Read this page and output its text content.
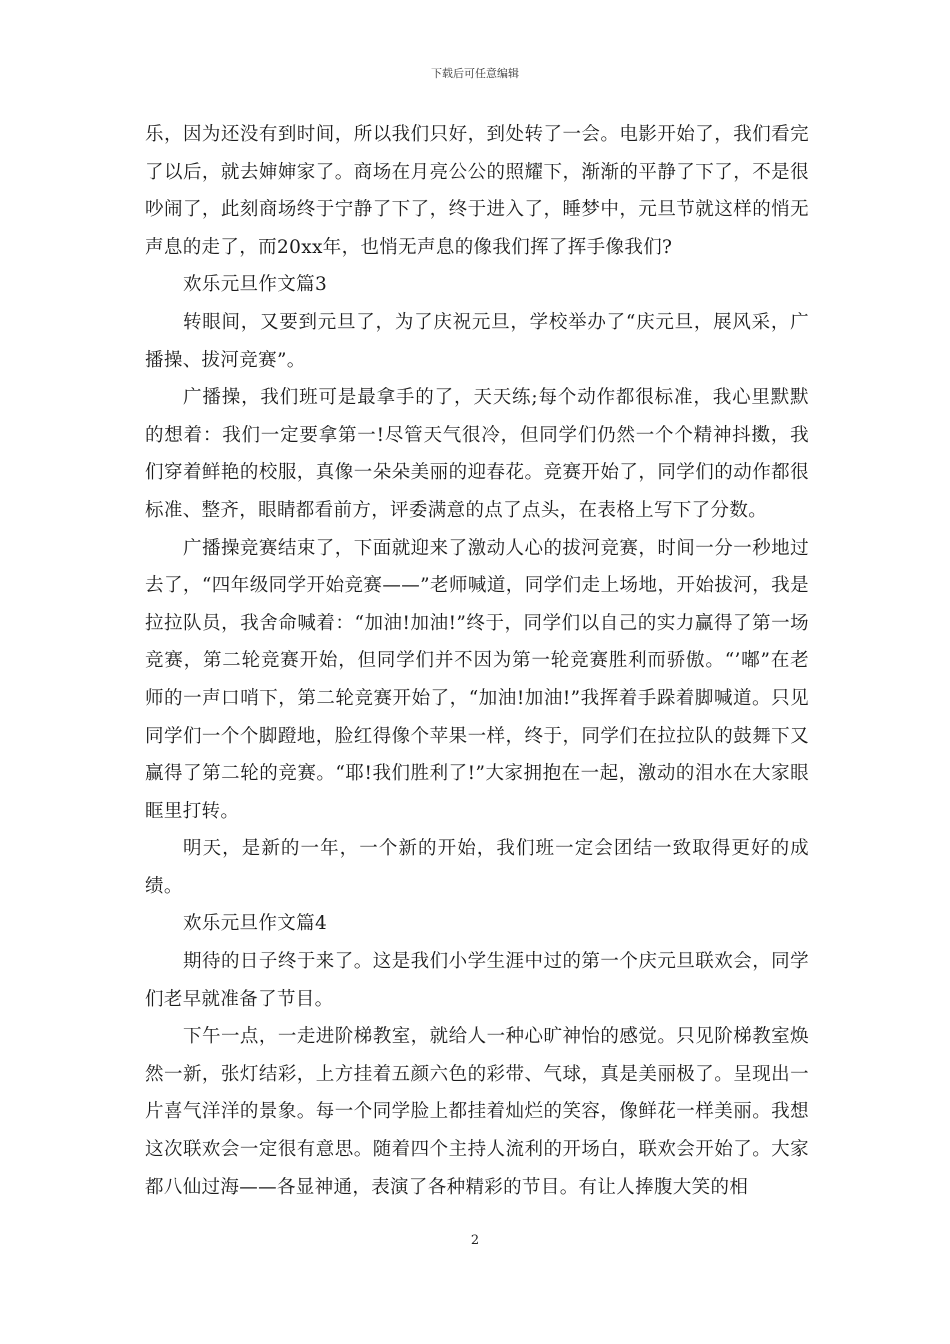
下载后可任意编辑

乐，因为还没有到时间，所以我们只好，到处转了一会。电影开始了，我们看完了以后，就去婶婶家了。商场在月亮公公的照耀下，渐渐的平静了下了，不是很吵闹了，此刻商场终于宁静了下了，终于进入了，睡梦中，元旦节就这样的悄无声息的走了，而20xx年，也悄无声息的像我们挥了挥手像我们?

欢乐元旦作文篇3

转眼间，又要到元旦了，为了庆祝元旦，学校举办了“庆元旦，展风采，广播操、拔河竞赛”。

广播操，我们班可是最拿手的了，天天练;每个动作都很标准，我心里默默的想着：我们一定要拿第一!尽管天气很冷，但同学们仍然一个个精神抖擞，我们穿着鲜艳的校服，真像一朵朵美丽的迎春花。竞赛开始了，同学们的动作都很标准、整齐，眼睛都看前方，评委满意的点了点头，在表格上写下了分数。

广播操竞赛结束了，下面就迎来了激动人心的拔河竞赛，时间一分一秒地过去了，“四年级同学开始竞赛——”老师喊道，同学们走上场地，开始拔河，我是拉拉队员，我舍命喊着：“加油!加油!”终于，同学们以自己的实力赢得了第一场竞赛，第二轮竞赛开始，但同学们并不因为第一轮竞赛胜利而骄傲。“’嘟”在老师的一声口哨下，第二轮竞赛开始了，“加油!加油!”我挥着手跺着脚喊道。只见同学们一个个脚蹬地，脸红得像个苹果一样，终于，同学们在拉拉队的鼓舞下又赢得了第二轮的竞赛。“耶!我们胜利了!”大家拥抱在一起，激动的泪水在大家眼眶里打转。

明天，是新的一年，一个新的开始，我们班一定会团结一致取得更好的成绩。

欢乐元旦作文篇4

期待的日子终于来了。这是我们小学生涯中过的第一个庆元旦联欢会，同学们老早就准备了节目。

下午一点，一走进阶梯教室，就给人一种心旷神怡的感觉。只见阶梯教室焕然一新，张灯结彩，上方挂着五颜六色的彩带、气球，真是美丽极了。呈现出一片喜气洋洋的景象。每一个同学脸上都挂着灿烂的笑容，像鲜花一样美丽。我想这次联欢会一定很有意思。随着四个主持人流利的开场白，联欢会开始了。大家都八仙过海——各显神通，表演了各种精彩的节目。有让人捧腹大笑的相

2
